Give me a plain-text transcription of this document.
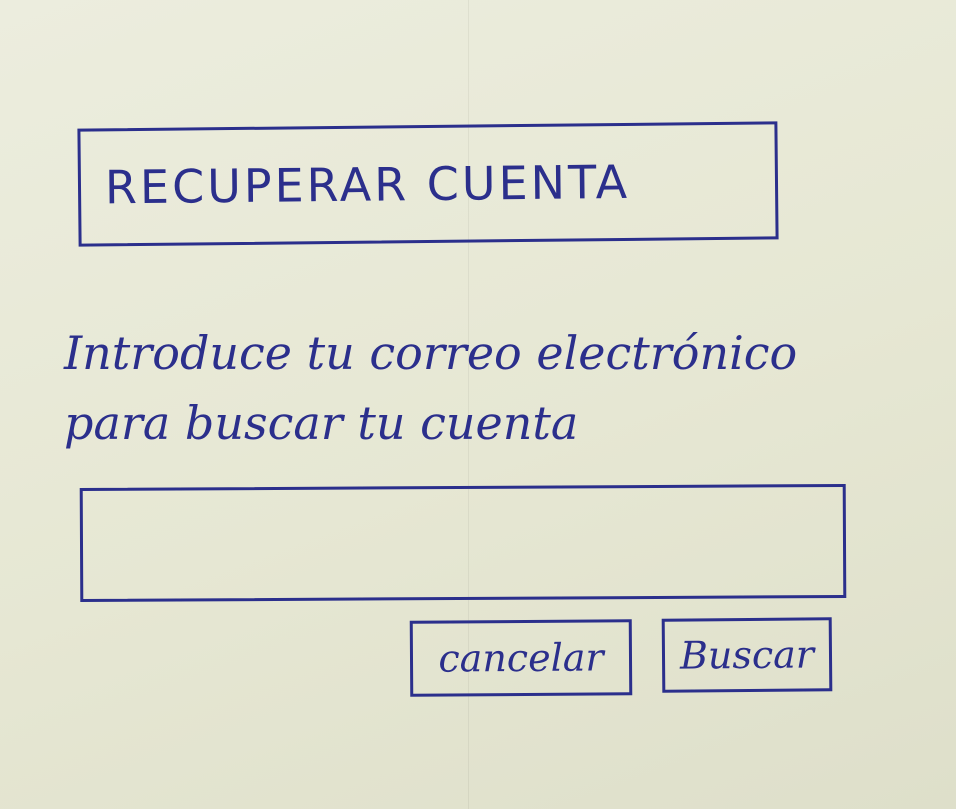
RECUPERAR CUENTA
Introduce tu correo electrónico
para buscar tu cuenta
cancelar	Buscar
